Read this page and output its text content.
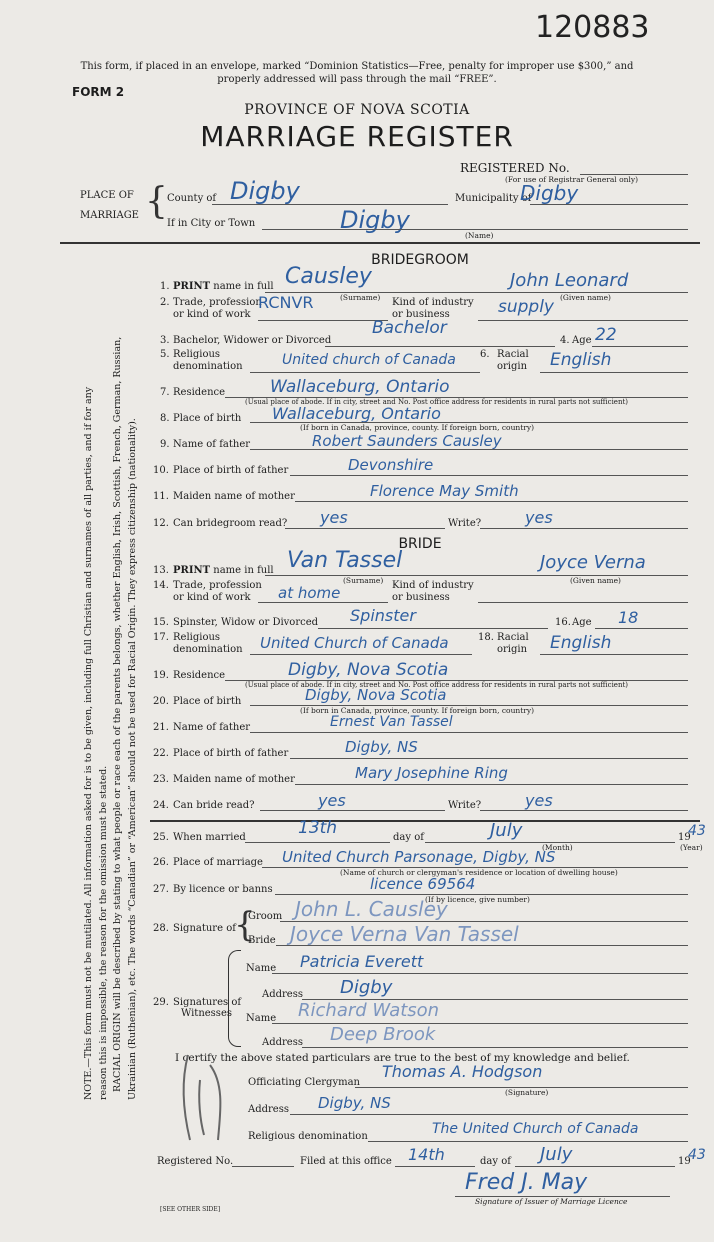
120883
This form, if placed in an envelope, marked “Dominion Statistics—Free, penalty for improper use $300,” and
properly addressed will pass through the mail “FREE”.
FORM 2
PROVINCE OF NOVA SCOTIA
MARRIAGE REGISTER
REGISTERED No.
(For use of Registrar General only)
PLACE OF
MARRIAGE { County of Digby	Municipality of
Digby
If in City or Town	Digby
(Name)
BRIDEGROOM
1. PRINT name in full Causley	John Leonard
(Surname)	(Given name)
2. Trade, profession
or kind of work
RCNVR	Kind of industry
or business	supply
3. Bachelor, Widower or Divorced
Bachelor
4. Age 22
5. Religious
denomination	United church of Canada 6. Racial
origin English
7. Residence	Wallaceburg, Ontario
(Usual place of abode. If in city, street and No. Post office address for residents in rural parts not sufficient)
8. Place of birth Wallaceburg, Ontario
(If born in Canada, province, county. If foreign born, country)
9. Name of father	Robert Saunders Causley
10. Place of birth of father	Devonshire
11. Maiden name of mother	Florence May Smith
12. Can bridegroom read? yes	Write?	yes
BRIDE
13. PRINT name in full Van Tassel	Joyce Verna
(Surname)	(Given name)
14. Trade, profession
or kind of work at home	Kind of industry
or business
15. Spinster, Widow or Divorced Spinster	16. Age 18
17. Religious
denomination United Church of Canada	18. Racial
origin English
19. Residence	Digby, Nova Scotia
(Usual place of abode. If in city, street and No. Post office address for residents in rural parts not sufficient)
20. Place of birth	Digby, Nova Scotia
(If born in Canada, province, county. If foreign born, country)
21. Name of father	Ernest Van Tassel
22. Place of birth of father	Digby, NS
23. Maiden name of mother	Mary Josephine Ring
24. Can bride read?	yes	Write?	yes
25. When married	13th	day of	July	19
43
(Month)	(Year)
26. Place of marriage United Church Parsonage, Digby, NS
(Name of church or clergyman's residence or location of dwelling house)
27. By licence or banns	licence 69564
(If by licence, give number)
28. Signature of
{
Groom John L. Causley
Bride Joyce Verna Van Tassel
29. Signatures of
Witnesses
Name Patricia Everett
Address Digby
Name Richard Watson
Address Deep Brook
I certify the above stated particulars are true to the best of my knowledge and belief.
Officiating Clergyman
Thomas A. Hodgson
(Signature)
Address Digby, NS
Religious denomination	The United Church of Canada
Registered No.	Filed at this office 14th	day of July	19
43
Fred J. May
Signature of Issuer of Marriage Licence
[SEE OTHER SIDE]
NOTE.—This form must not be mutilated. All information asked for is to be given, including full Christian and surnames of all parties, and if for any reason this is impossible, the reason for the omission must be stated. RACIAL ORIGIN will be described by stating to what people or race each of the parents belongs, whether English, Irish, Scottish, French, German, Russian, Ukrainian (Ruthenian), etc. The words “Canadian” or “American” should not be used for Racial Origin. They express citizenship (nationality).
